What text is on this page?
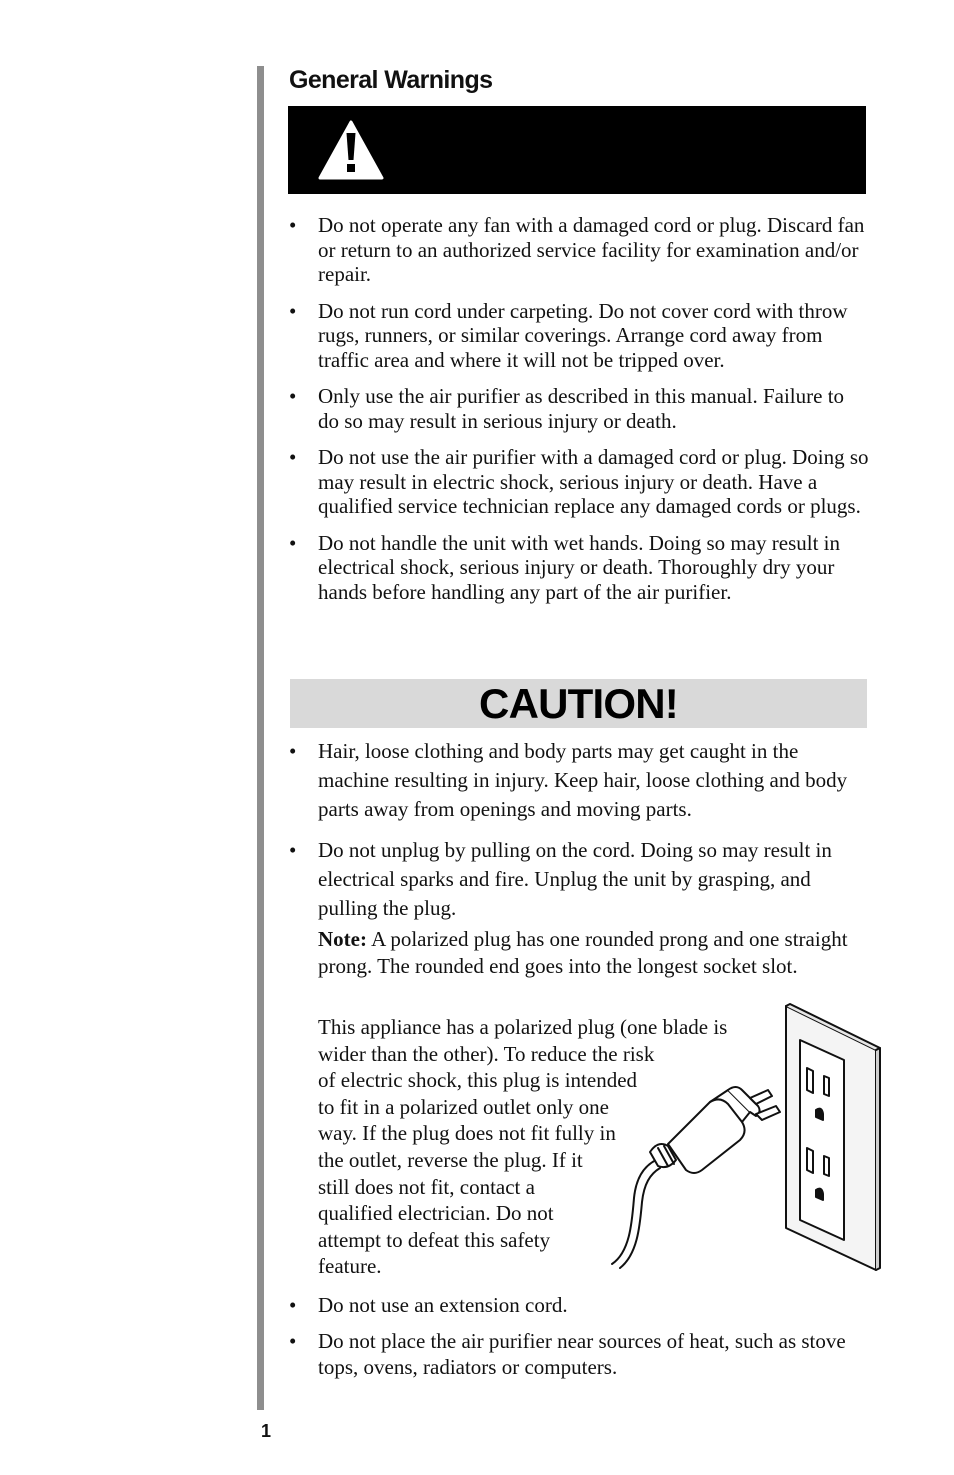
General Warnings
• Do not operate any fan with a damaged cord or plug. Discard fan or return to an authorized service facility for examination and/or repair.
• Do not run cord under carpeting. Do not cover cord with throw rugs, runners, or similar coverings. Arrange cord away from traffic area and where it will not be tripped over.
• Only use the air purifier as described in this manual. Failure to do so may result in serious injury or death.
• Do not use the air purifier with a damaged cord or plug. Doing so may result in electric shock, serious injury or death. Have a qualified service technician replace any damaged cords or plugs.
• Do not handle the unit with wet hands. Doing so may result in electrical shock, serious injury or death. Thoroughly dry your hands before handling any part of the air purifier.
CAUTION!
• Hair, loose clothing and body parts may get caught in the machine resulting in injury. Keep hair, loose clothing and body parts away from openings and moving parts.
• Do not unplug by pulling on the cord. Doing so may result in electrical sparks and fire. Unplug the unit by grasping, and pulling the plug.
Note: A polarized plug has one rounded prong and one straight prong. The rounded end goes into the longest socket slot.
This appliance has a polarized plug (one blade is wider than the other). To reduce the risk of electric shock, this plug is intended to fit in a polarized outlet only one way. If the plug does not fit fully in the outlet, reverse the plug. If it still does not fit, contact a qualified electrician. Do not attempt to defeat this safety feature.
• Do not use an extension cord.
• Do not place the air purifier near sources of heat, such as stove tops, ovens, radiators or computers.
1
